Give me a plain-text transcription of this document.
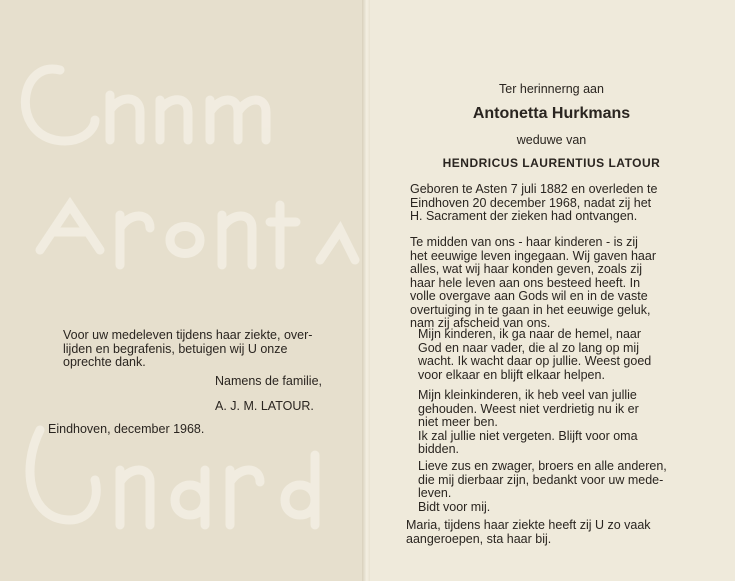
Voor uw medeleven tijdens haar ziekte, over-
lijden en begrafenis, betuigen wij U onze
oprechte dank.
Namens de familie,
A. J. M. LATOUR.
Eindhoven, december 1968.
Ter herinnerng aan
Antonetta Hurkmans
weduwe van
HENDRICUS LAURENTIUS LATOUR
Geboren te Asten 7 juli 1882 en overleden te
Eindhoven 20 december 1968, nadat zij het
H. Sacrament der zieken had ontvangen.
Te midden van ons - haar kinderen - is zij
het eeuwige leven ingegaan. Wij gaven haar
alles, wat wij haar konden geven, zoals zij
haar hele leven aan ons besteed heeft. In
volle overgave aan Gods wil en in de vaste
overtuiging in te gaan in het eeuwige geluk,
nam zij afscheid van ons.
Mijn kinderen, ik ga naar de hemel, naar
God en naar vader, die al zo lang op mij
wacht. Ik wacht daar op jullie. Weest goed
voor elkaar en blijft elkaar helpen.
Mijn kleinkinderen, ik heb veel van jullie
gehouden. Weest niet verdrietig nu ik er
niet meer ben.
Ik zal jullie niet vergeten. Blijft voor oma
bidden.
Lieve zus en zwager, broers en alle anderen,
die mij dierbaar zijn, bedankt voor uw mede-
leven.
Bidt voor mij.
Maria, tijdens haar ziekte heeft zij U zo vaak
aangeroepen, sta haar bij.
